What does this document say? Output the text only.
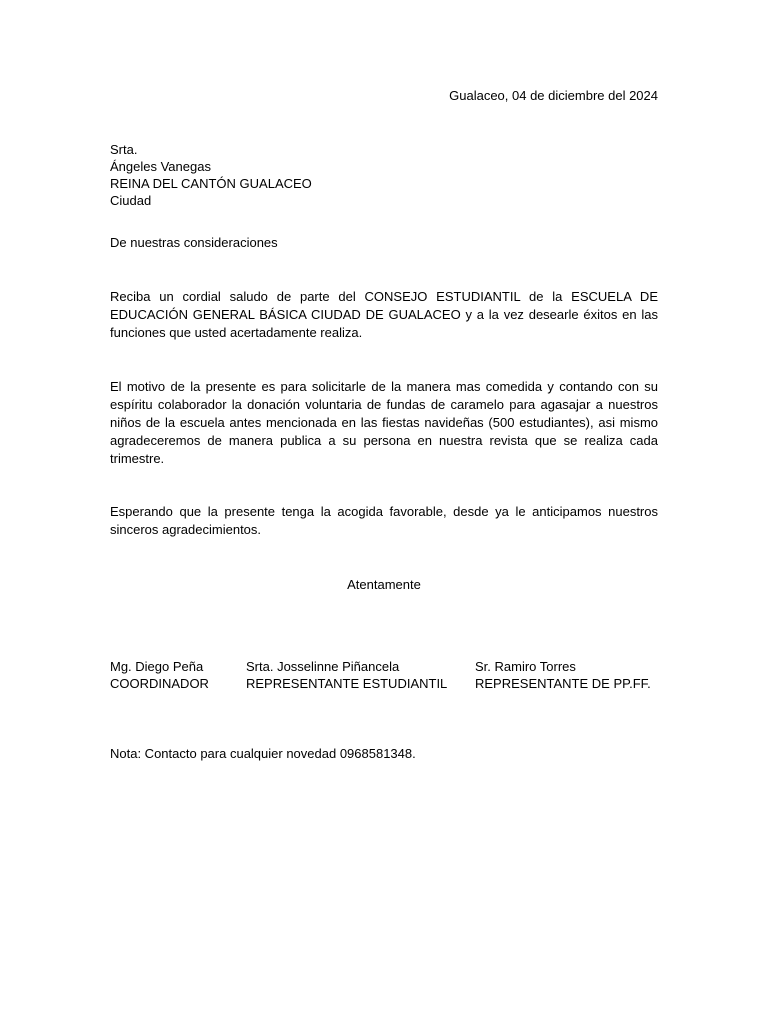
Gualaceo, 04 de diciembre del 2024
Srta.
Ángeles Vanegas
REINA DEL CANTÓN GUALACEO
Ciudad
De nuestras consideraciones
Reciba un cordial saludo de parte del CONSEJO ESTUDIANTIL de la ESCUELA DE EDUCACIÓN GENERAL BÁSICA CIUDAD DE GUALACEO y a la vez desearle éxitos en las funciones que usted acertadamente realiza.
El motivo de la presente es para solicitarle de la manera mas comedida y contando con su espíritu colaborador la donación voluntaria de fundas de caramelo para agasajar a nuestros niños de la escuela antes mencionada en las fiestas navideñas (500 estudiantes), asi mismo agradeceremos de manera publica a su persona en nuestra revista que se realiza cada trimestre.
Esperando que la presente tenga la acogida favorable, desde ya le anticipamos nuestros sinceros agradecimientos.
Atentamente
Mg. Diego Peña
COORDINADOR
Srta. Josselinne Piñancela
REPRESENTANTE ESTUDIANTIL
Sr. Ramiro Torres
REPRESENTANTE DE PP.FF.
Nota: Contacto para cualquier novedad 0968581348.
